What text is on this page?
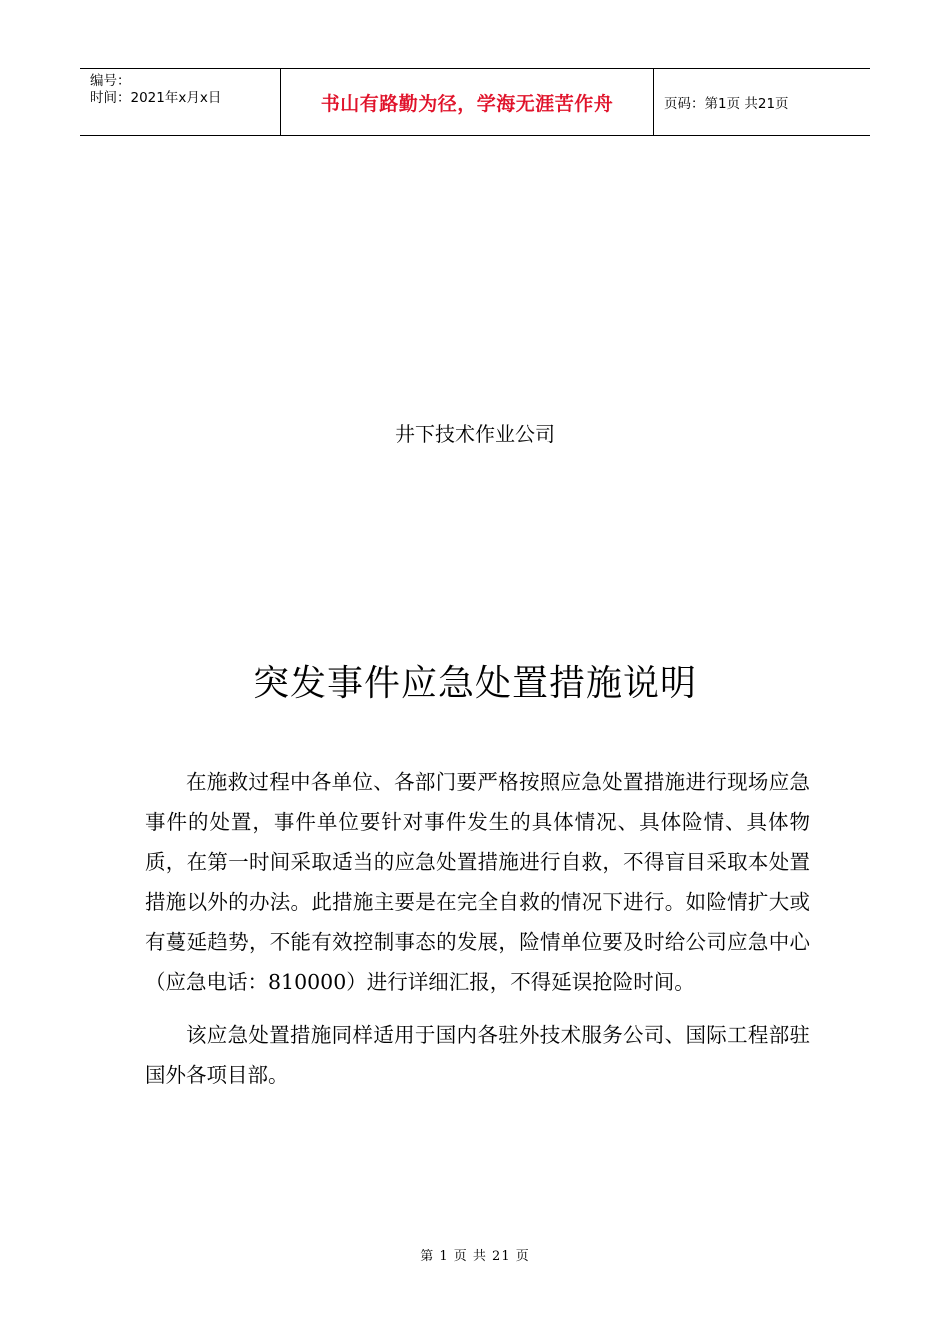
编号：
时间：2021年x月x日	书山有路勤为径，学海无涯苦作舟	页码：第1页 共21页
井下技术作业公司
突发事件应急处置措施说明

在施救过程中各单位、各部门要严格按照应急处置措施进行现场应急事件的处置，事件单位要针对事件发生的具体情况、具体险情、具体物质，在第一时间采取适当的应急处置措施进行自救，不得盲目采取本处置措施以外的办法。此措施主要是在完全自救的情况下进行。如险情扩大或有蔓延趋势，不能有效控制事态的发展，险情单位要及时给公司应急中心（应急电话：810000）进行详细汇报，不得延误抢险时间。

该应急处置措施同样适用于国内各驻外技术服务公司、国际工程部驻国外各项目部。

第 1 页 共 21 页
